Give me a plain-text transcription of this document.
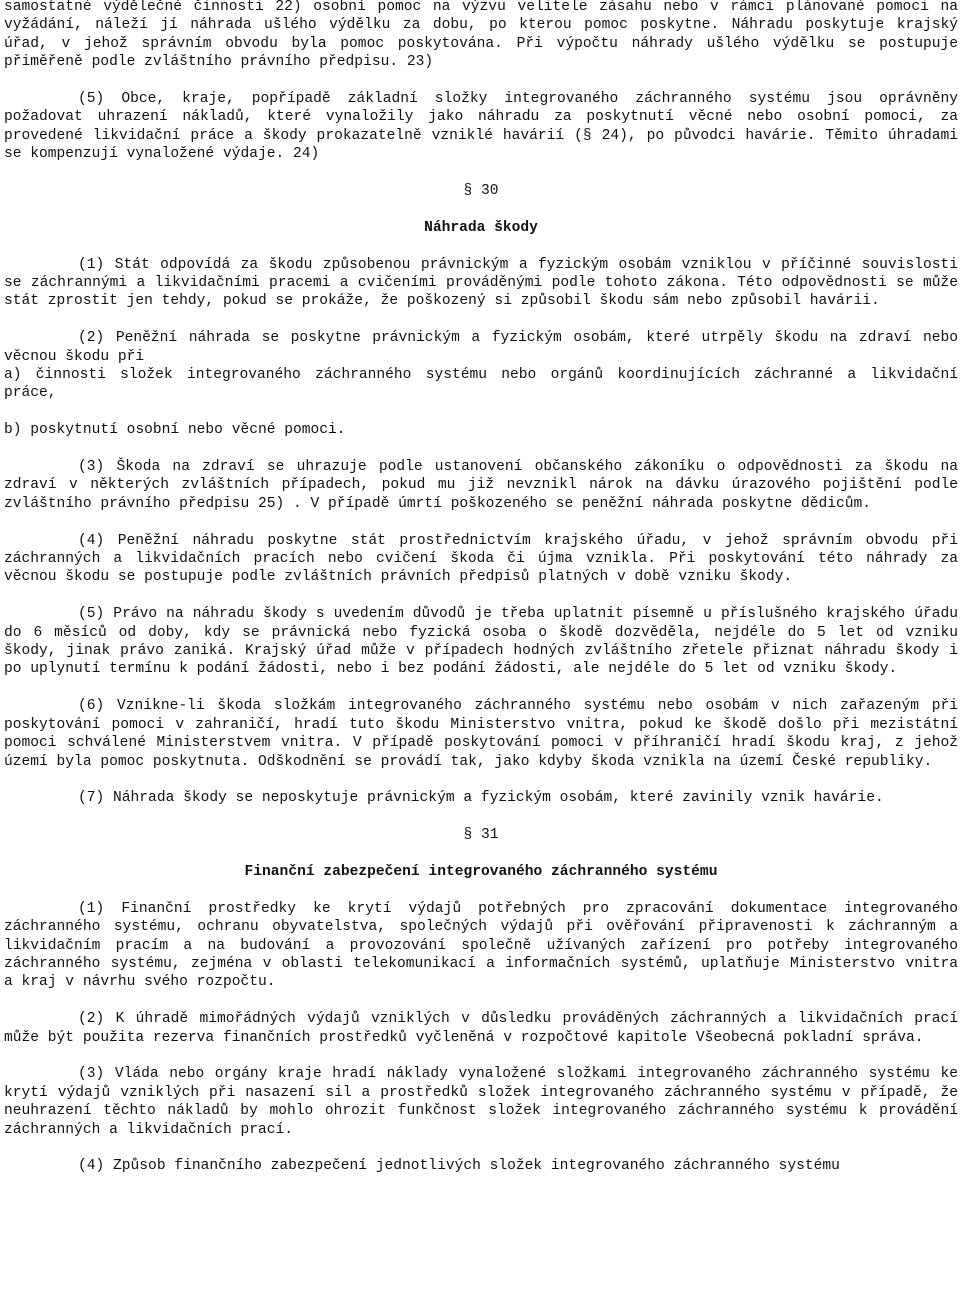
samostatné výdělečné činnosti 22) osobní pomoc na výzvu velitele zásahu nebo v rámci plánované pomoci na vyžádání, náleží jí náhrada ušlého výdělku za dobu, po kterou pomoc poskytne. Náhradu poskytuje krajský úřad, v jehož správním obvodu byla pomoc poskytována. Při výpočtu náhrady ušlého výdělku se postupuje přiměřeně podle zvláštního právního předpisu. 23)

(5) Obce, kraje, popřípadě základní složky integrovaného záchranného systému jsou oprávněny požadovat uhrazení nákladů, které vynaložily jako náhradu za poskytnutí věcné nebo osobní pomoci, za provedené likvidační práce a škody prokazatelně vzniklé havárií (§ 24), po původci havárie. Těmito úhradami se kompenzují vynaložené výdaje. 24)

§ 30

Náhrada škody

(1) Stát odpovídá za škodu způsobenou právnickým a fyzickým osobám vzniklou v příčinné souvislosti se záchrannými a likvidačními pracemi a cvičeními prováděnými podle tohoto zákona. Této odpovědnosti se může stát zprostit jen tehdy, pokud se prokáže, že poškozený si způsobil škodu sám nebo způsobil havárii.

(2) Peněžní náhrada se poskytne právnickým a fyzickým osobám, které utrpěly škodu na zdraví nebo věcnou škodu při

a) činnosti složek integrovaného záchranného systému nebo orgánů koordinujících záchranné a likvidační práce,

b) poskytnutí osobní nebo věcné pomoci.

(3) Škoda na zdraví se uhrazuje podle ustanovení občanského zákoníku o odpovědnosti za škodu na zdraví v některých zvláštních případech, pokud mu již nevznikl nárok na dávku úrazového pojištění podle zvláštního právního předpisu 25) . V případě úmrtí poškozeného se peněžní náhrada poskytne dědicům.

(4) Peněžní náhradu poskytne stát prostřednictvím krajského úřadu, v jehož správním obvodu při záchranných a likvidačních pracích nebo cvičení škoda či újma vznikla. Při poskytování této náhrady za věcnou škodu se postupuje podle zvláštních právních předpisů platných v době vzniku škody.

(5) Právo na náhradu škody s uvedením důvodů je třeba uplatnit písemně u příslušného krajského úřadu do 6 měsíců od doby, kdy se právnická nebo fyzická osoba o škodě dozvěděla, nejdéle do 5 let od vzniku škody, jinak právo zaniká. Krajský úřad může v případech hodných zvláštního zřetele přiznat náhradu škody i po uplynutí termínu k podání žádosti, nebo i bez podání žádosti, ale nejdéle do 5 let od vzniku škody.

(6) Vznikne-li škoda složkám integrovaného záchranného systému nebo osobám v nich zařazeným při poskytování pomoci v zahraničí, hradí tuto škodu Ministerstvo vnitra, pokud ke škodě došlo při mezistátní pomoci schválené Ministerstvem vnitra. V případě poskytování pomoci v příhraničí hradí škodu kraj, z jehož území byla pomoc poskytnuta. Odškodnění se provádí tak, jako kdyby škoda vznikla na území České republiky.

(7) Náhrada škody se neposkytuje právnickým a fyzickým osobám, které zavinily vznik havárie.

§ 31

Finanční zabezpečení integrovaného záchranného systému

(1) Finanční prostředky ke krytí výdajů potřebných pro zpracování dokumentace integrovaného záchranného systému, ochranu obyvatelstva, společných výdajů při ověřování připravenosti k záchranným a likvidačním pracím a na budování a provozování společně užívaných zařízení pro potřeby integrovaného záchranného systému, zejména v oblasti telekomunikací a informačních systémů, uplatňuje Ministerstvo vnitra a kraj v návrhu svého rozpočtu.

(2) K úhradě mimořádných výdajů vzniklých v důsledku prováděných záchranných a likvidačních prací může být použita rezerva finančních prostředků vyčleněná v rozpočtové kapitole Všeobecná pokladní správa.

(3) Vláda nebo orgány kraje hradí náklady vynaložené složkami integrovaného záchranného systému ke krytí výdajů vzniklých při nasazení sil a prostředků složek integrovaného záchranného systému v případě, že neuhrazení těchto nákladů by mohlo ohrozit funkčnost složek integrovaného záchranného systému k provádění záchranných a likvidačních prací.

(4) Způsob finančního zabezpečení jednotlivých složek integrovaného záchranného systému
